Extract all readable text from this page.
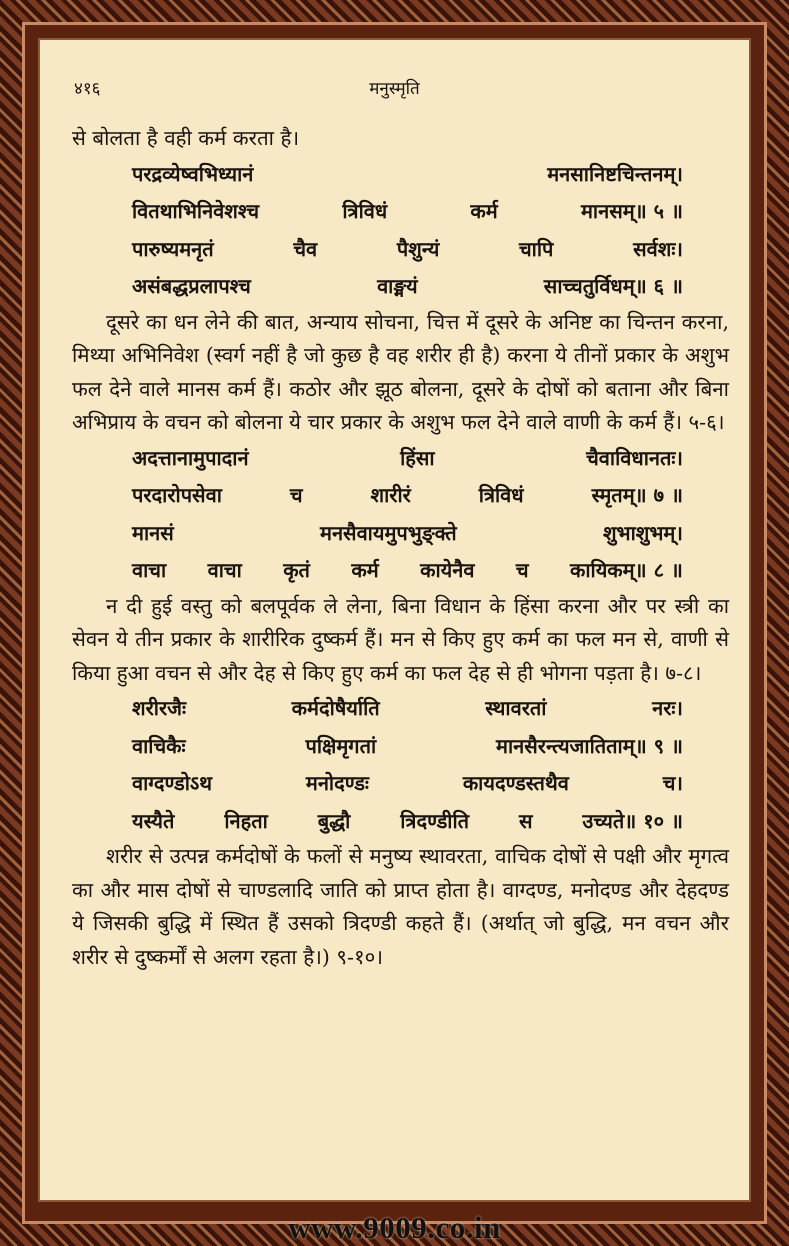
४१६	मनुस्मृति

से बोलता है वही कर्म करता है।

परद्रव्येष्वभिध्यानं	मनसानिष्टचिन्तनम्।
वितथाभिनिवेशश्च	त्रिविधं	कर्म	मानसम्॥ ५ ॥
पारुष्यमनृतं	चैव	पैशुन्यं	चापि	सर्वशः।
असंबद्धप्रलापश्च	वाङ्मयं	साच्चतुर्विधम्॥ ६ ॥

दूसरे का धन लेने की बात, अन्याय सोचना, चित्त में दूसरे के अनिष्ट का चिन्तन करना, मिथ्या अभिनिवेश (स्वर्ग नहीं है जो कुछ है वह शरीर ही है) करना ये तीनों प्रकार के अशुभ फल देने वाले मानस कर्म हैं। कठोर और झूठ बोलना, दूसरे के दोषों को बताना और बिना अभिप्राय के वचन को बोलना ये चार प्रकार के अशुभ फल देने वाले वाणी के कर्म हैं। ५-६।

अदत्तानामुपादानं	हिंसा	चैवाविधानतः।
परदारोपसेवा	च	शारीरं	त्रिविधं	स्मृतम्॥ ७ ॥
मानसं	मनसैवायमुपभुङ्क्ते	शुभाशुभम्।
वाचा वाचा कृतं कर्म कायेनैव च कायिकम्॥ ८ ॥

न दी हुई वस्तु को बलपूर्वक ले लेना, बिना विधान के हिंसा करना और पर स्त्री का सेवन ये तीन प्रकार के शारीरिक दुष्कर्म हैं। मन से किए हुए कर्म का फल मन से, वाणी से किया हुआ वचन से और देह से किए हुए कर्म का फल देह से ही भोगना पड़ता है। ७-८।

शरीरजैः	कर्मदोषैर्याति	स्थावरतां	नरः।
वाचिकैः	पक्षिमृगतां	मानसैरन्त्यजातिताम्॥ ९ ॥
वाग्दण्डोऽथ	मनोदण्डः	कायदण्डस्तथैव	च।
यस्यैते निहता बुद्धौ त्रिदण्डीति स उच्यते॥ १० ॥

शरीर से उत्पन्न कर्मदोषों के फलों से मनुष्य स्थावरता, वाचिक दोषों से पक्षी और मृगत्व का और मास दोषों से चाण्डलादि जाति को प्राप्त होता है। वाग्दण्ड, मनोदण्ड और देहदण्ड ये जिसकी बुद्धि में स्थित हैं उसको त्रिदण्डी कहते हैं। (अर्थात् जो बुद्धि, मन वचन और शरीर से दुष्कर्मों से अलग रहता है।) ९-१०।

www.9009.co.in
